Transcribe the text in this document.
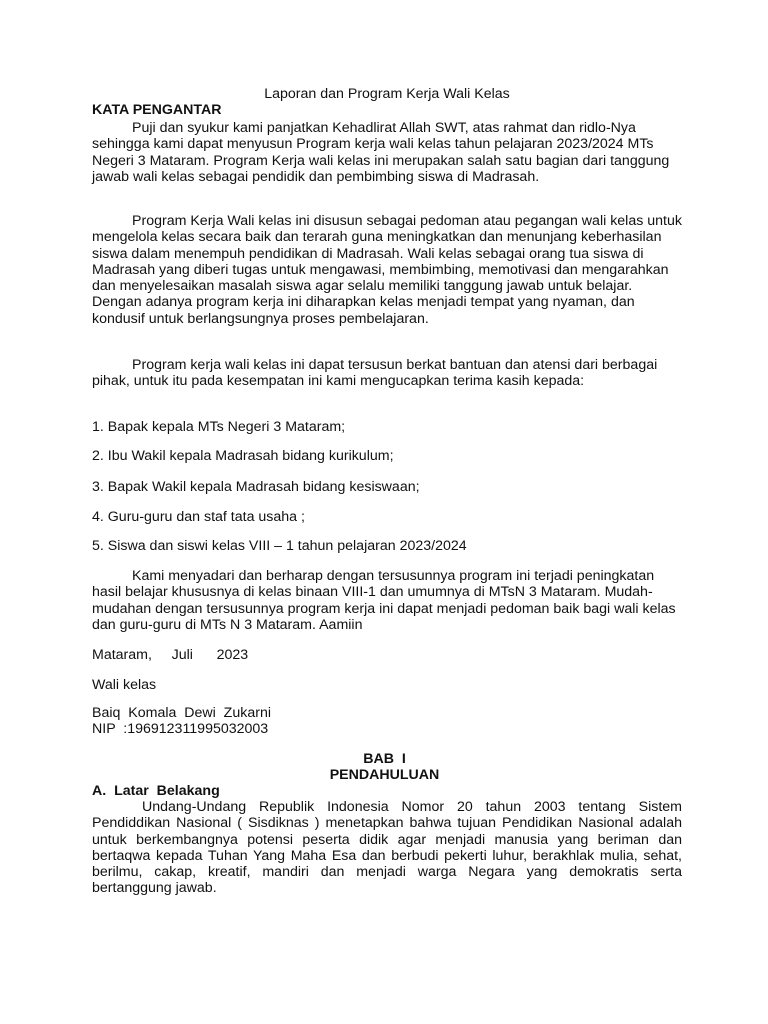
Laporan dan Program Kerja Wali Kelas
KATA PENGANTAR

Puji dan syukur kami panjatkan Kehadlirat Allah SWT, atas rahmat dan ridlo-Nya sehingga kami dapat menyusun Program kerja wali kelas tahun pelajaran 2023/2024 MTs Negeri 3 Mataram. Program Kerja wali kelas ini merupakan salah satu bagian dari tanggung jawab wali kelas sebagai pendidik dan pembimbing siswa di Madrasah.

Program Kerja Wali kelas ini disusun sebagai pedoman atau pegangan wali kelas untuk mengelola kelas secara baik dan terarah guna meningkatkan dan menunjang keberhasilan siswa dalam menempuh pendidikan di Madrasah. Wali kelas sebagai orang tua siswa di Madrasah yang diberi tugas untuk mengawasi, membimbing, memotivasi dan mengarahkan dan menyelesaikan masalah siswa agar selalu memiliki tanggung jawab untuk belajar. Dengan adanya program kerja ini diharapkan kelas menjadi tempat yang nyaman, dan kondusif untuk berlangsungnya proses pembelajaran.

Program kerja wali kelas ini dapat tersusun berkat bantuan dan atensi dari berbagai pihak, untuk itu pada kesempatan ini kami mengucapkan terima kasih kepada:

1. Bapak kepala MTs Negeri 3 Mataram;
2. Ibu Wakil kepala Madrasah bidang kurikulum;
3. Bapak Wakil kepala Madrasah bidang kesiswaan;
4. Guru-guru dan staf tata usaha ;
5. Siswa dan siswi kelas VIII – 1 tahun pelajaran 2023/2024

Kami menyadari dan berharap dengan tersusunnya program ini terjadi peningkatan hasil belajar khususnya di kelas binaan VIII-1 dan umumnya di MTsN 3 Mataram. Mudah-mudahan dengan tersusunnya program kerja ini dapat menjadi pedoman baik bagi wali kelas dan guru-guru di MTs N 3 Mataram. Aamiin

Mataram,     Juli      2023
Wali kelas
Baiq  Komala  Dewi  Zukarni
NIP  :196912311995032003
BAB  I
PENDAHULUAN
A.  Latar  Belakang

Undang-Undang Republik Indonesia Nomor 20 tahun 2003 tentang Sistem Pendiddikan Nasional ( Sisdiknas ) menetapkan bahwa tujuan Pendidikan Nasional adalah untuk berkembangnya potensi peserta didik agar menjadi manusia yang beriman dan bertaqwa kepada Tuhan Yang Maha Esa dan berbudi pekerti luhur, berakhlak mulia, sehat, berilmu, cakap, kreatif, mandiri dan menjadi warga Negara yang demokratis serta bertanggung jawab.
